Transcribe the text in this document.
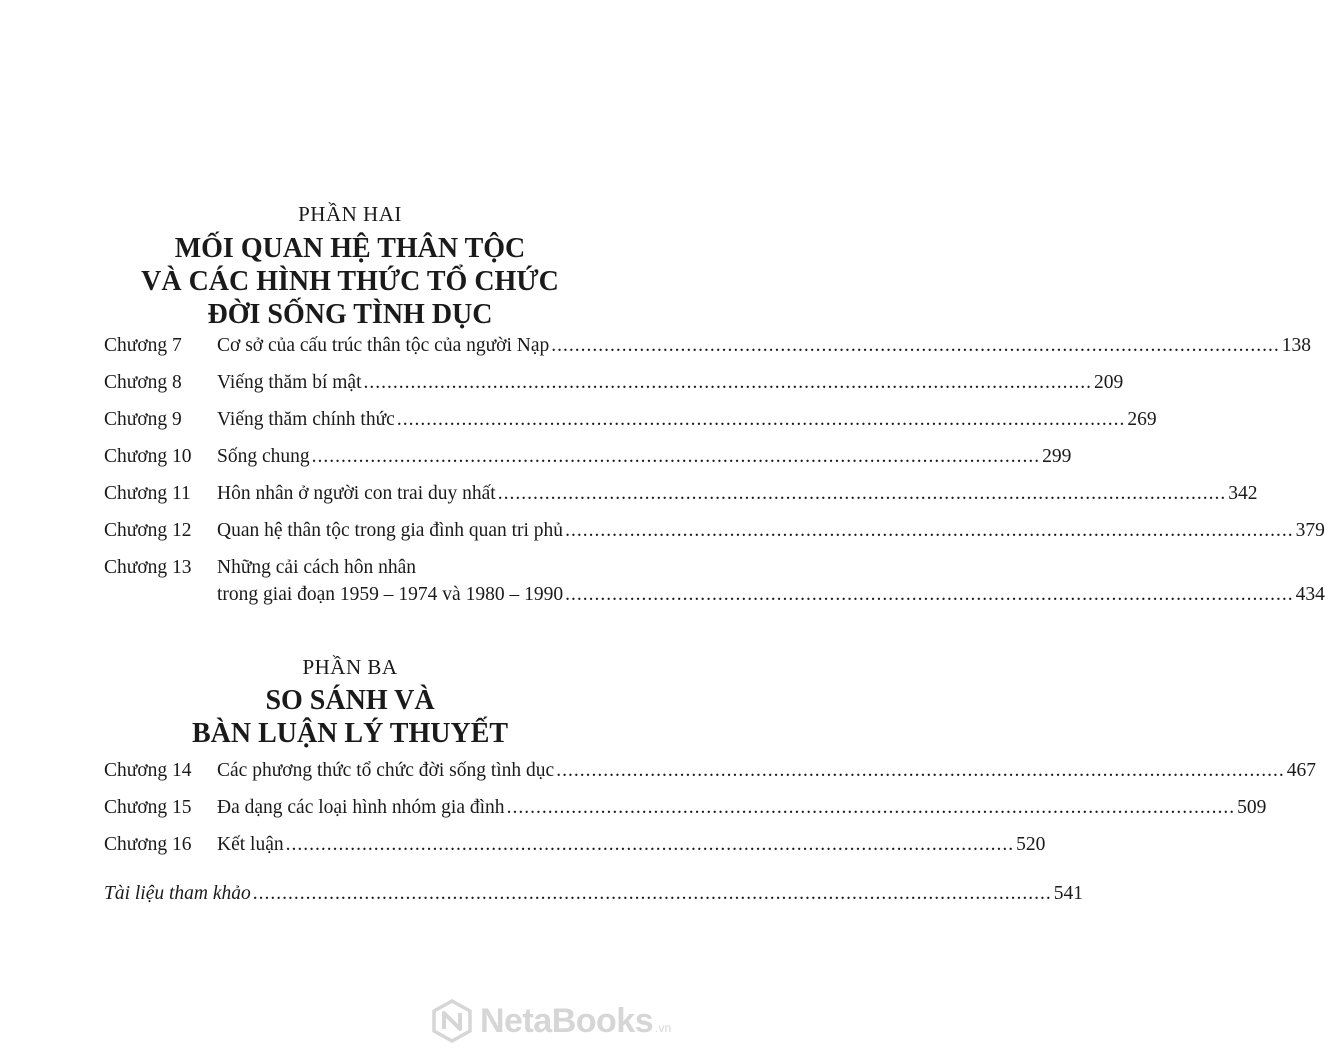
PHẦN HAI
MỐI QUAN HỆ THÂN TỘC
VÀ CÁC HÌNH THỨC TỔ CHỨC
ĐỜI SỐNG TÌNH DỤC
Chương 7 Cơ sở của cấu trúc thân tộc của người Nạp ............................................................................................................................ 138
Chương 8 Viếng thăm bí mật ............................................................................................................................ 209
Chương 9 Viếng thăm chính thức ............................................................................................................................ 269
Chương 10 Sống chung ............................................................................................................................ 299
Chương 11 Hôn nhân ở người con trai duy nhất ............................................................................................................................ 342
Chương 12 Quan hệ thân tộc trong gia đình quan tri phủ ............................................................................................................................ 379
Chương 13 Những cải cách hôn nhân
trong giai đoạn 1959 – 1974 và 1980 – 1990 ............................................................................................................................ 434
PHẦN BA
SO SÁNH VÀ
BÀN LUẬN LÝ THUYẾT
Chương 14 Các phương thức tổ chức đời sống tình dục ............................................................................................................................ 467
Chương 15 Đa dạng các loại hình nhóm gia đình ............................................................................................................................ 509
Chương 16 Kết luận ............................................................................................................................ 520
Tài liệu tham khảo ........................................................................................................................................ 541
NetaBooks .vn
